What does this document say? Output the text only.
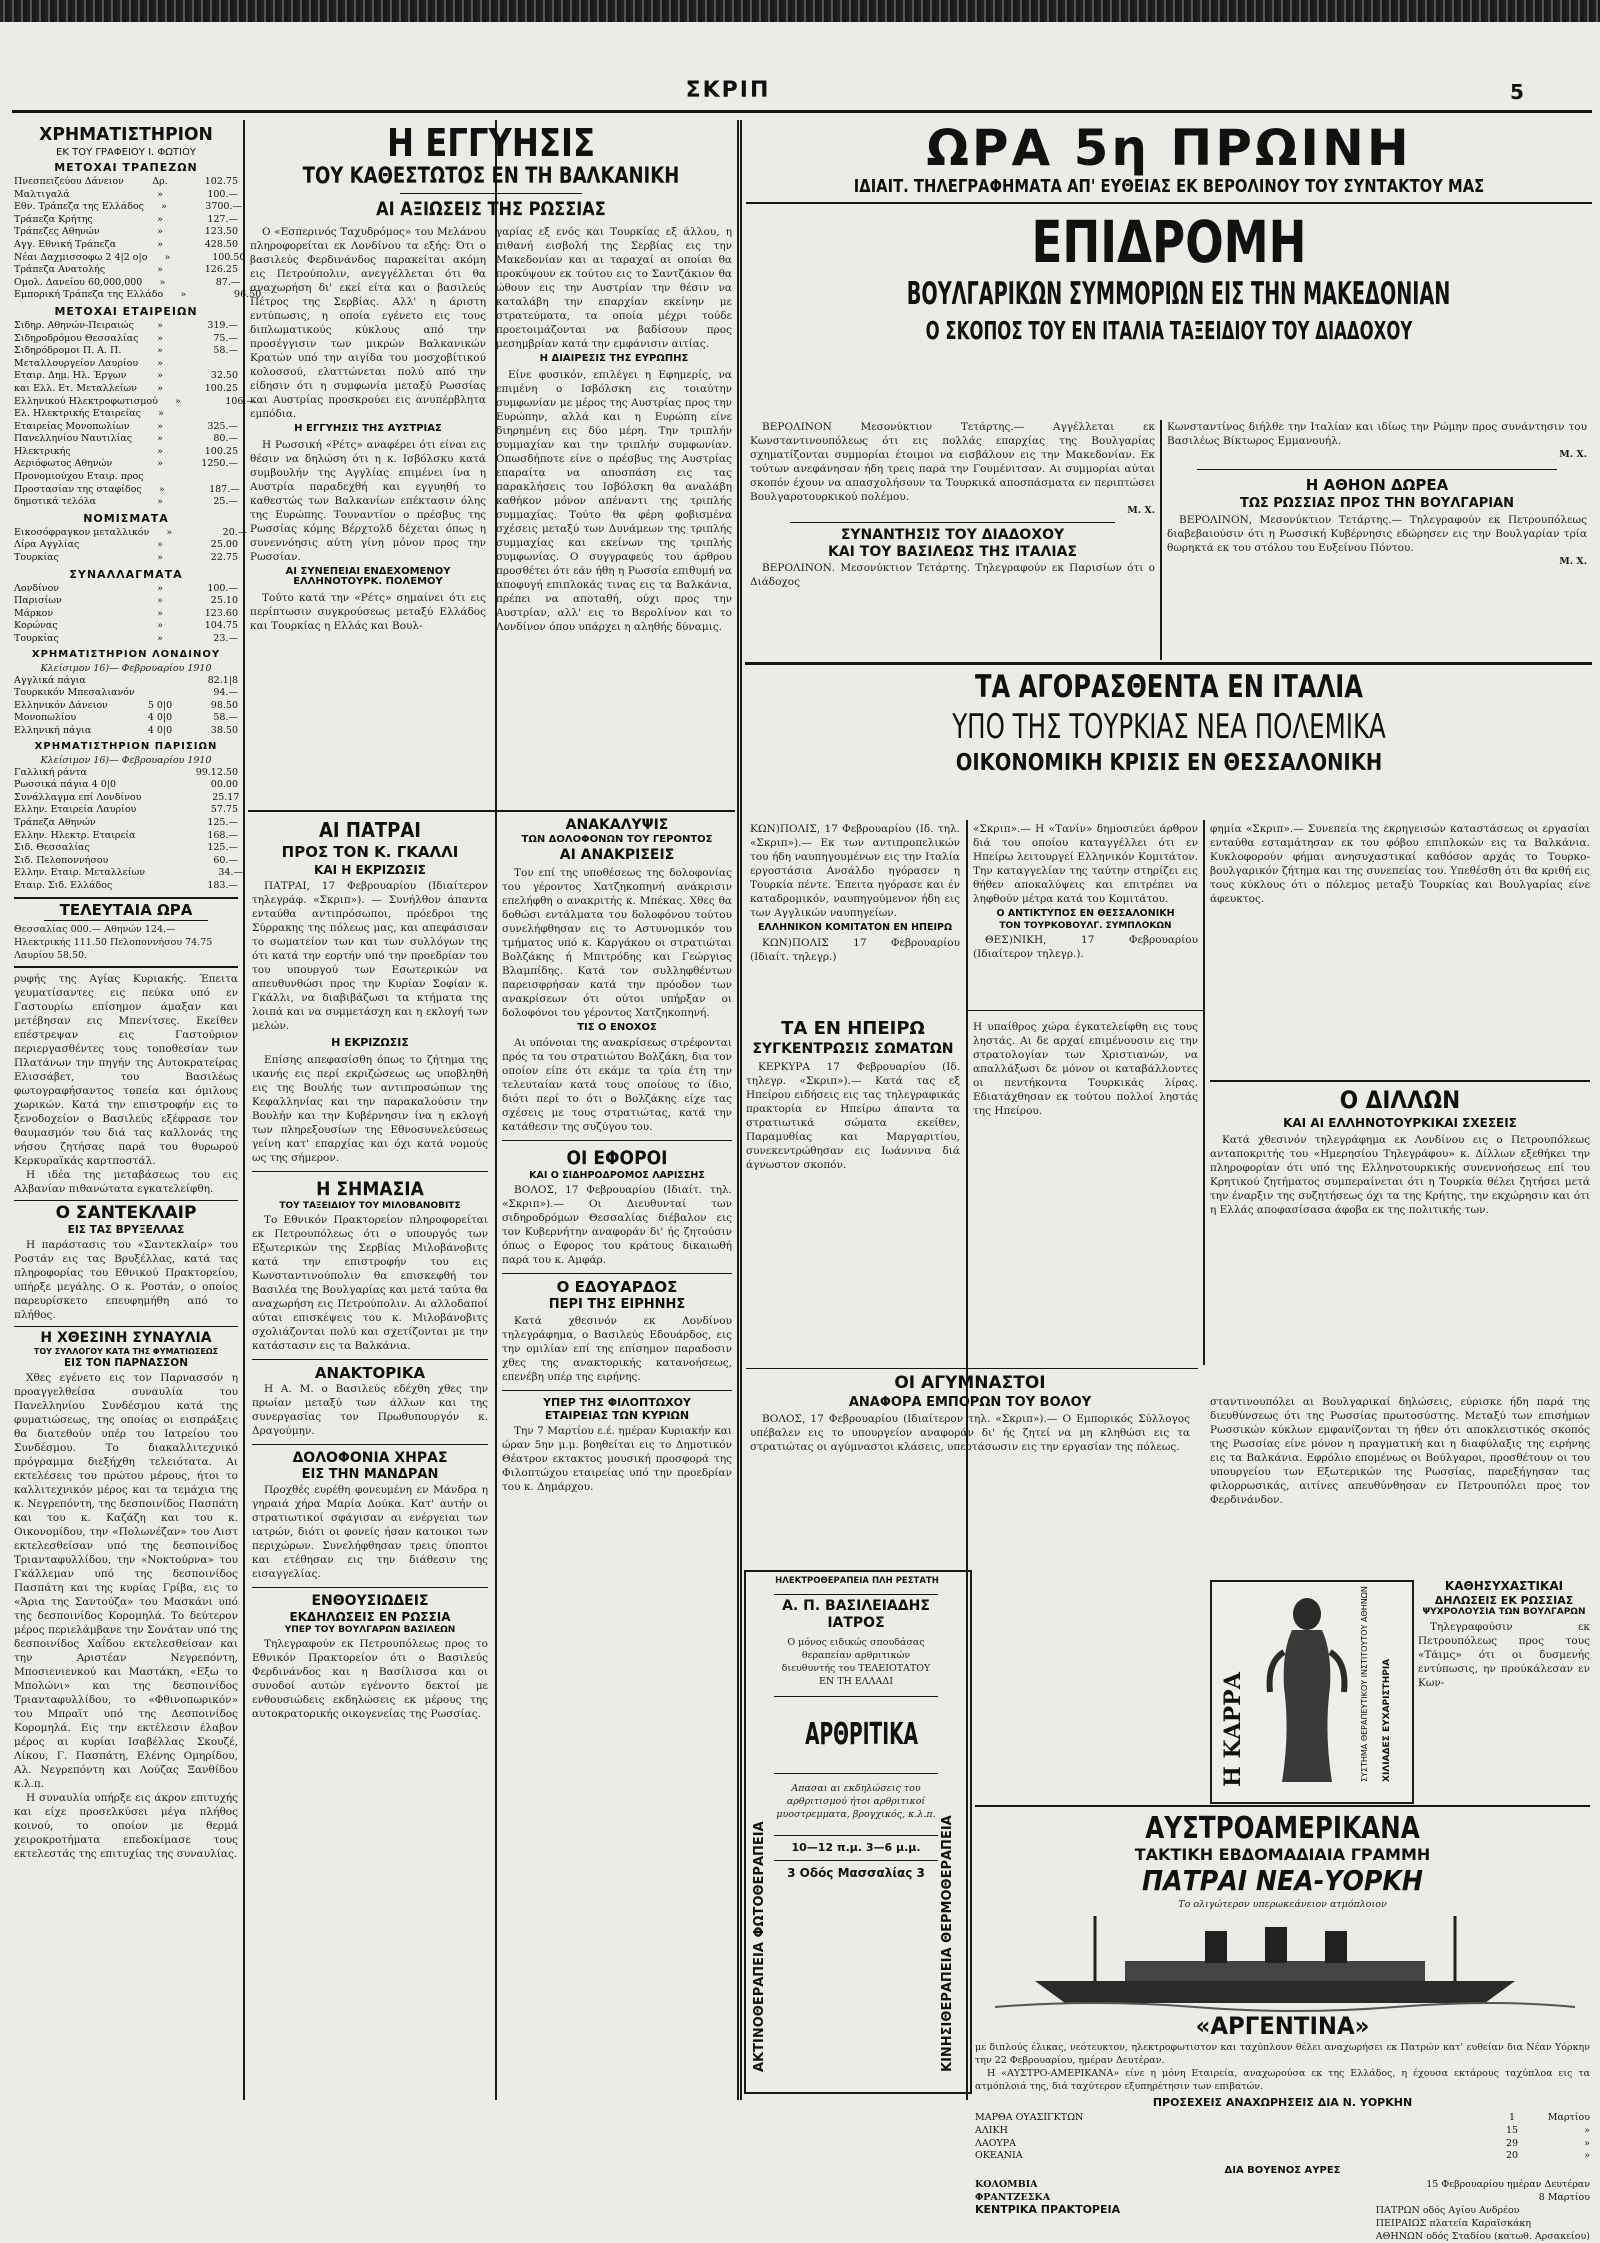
ΣΚΡΙΠ	5
ΧΡΗΜΑΤΙΣΤΗΡΙΟΝ
ΕΚ ΤΟΥ ΓΡΑΦΕΙΟΥ Ι. ΦΩΤΙΟΥ
ΜΕΤΟΧΑΙ ΤΡΑΠΕΖΩΝ
Πνεσπειζεύου Δάνειον	Δρ.	102.75
Μαλτιγαλά	»	100.—
Εθν. Τράπεζα της Ελλάδος	»	3700.—
Τράπεζα Κρήτης	»	127.—
Τράπεζες Αθηνών	»	123.50
Αγγ. Εθνική Τράπεζα	»	428.50
Νέαι Δαχμισσοφω 2 4|2 ο|ο	»	100.50
Τράπεζα Ανατολής	»	126.25
Ομολ. Δανείου 60,000,000	»	87.—
Εμπορική Τράπεζα της Ελλάδο	»	96.50
ΜΕΤΟΧΑΙ ΕΤΑΙΡΕΙΩΝ
Σιδηρ. Αθηνών-Πειραιώς	»	319.—
Σιδηροδρόμου Θεσσαλίας	»	75.—
Σιδηρόδρομοι Π. Α. Π.	»	58.—
Μεταλλουργείον Λαυρίου	»
Εταιρ. Δημ. Ηλ. Έργων	»	32.50
και Ελλ. Ετ. Μεταλλείων	»	100.25
Ελληνικού Ηλεκτροφωτισμού	»	106.—
Ελ. Ηλεκτρικής Εταιρείας	»
Εταιρείας Μονοπωλίων	»	325.—
Πανελληνίου Ναυτιλίας	»	80.—
Ηλεκτρικής	»	100.25
Αεριόφωτος Αθηνών	»	1250.—
Προνομιούχου Εταιρ. προς
Προστασίαν της σταφίδος	»	187.—
δημοτικά τελόλα	»	25.—
ΝΟΜΙΣΜΑΤΑ
Εικοσόφραγκον μεταλλικόν	»	20.—
Λίρα Αγγλίας	»	25.00
Τουρκίας	»	22.75
ΣΥΝΑΛΛΑΓΜΑΤΑ
Λονδίνον	»	100.—
Παρισίων	»	25.10
Μάρκον	»	123.60
Κορώνας	»	104.75
Τουρκίας	»	23.—
ΧΡΗΜΑΤΙΣΤΗΡΙΟΝ ΛΟΝΔΙΝΟΥ
Κλείσιμον 16)— Φεβρουαρίου 1910
Αγγλικά πάγια	82.1|8
Τουρκικόν Μπεσαλιανόν	94.—
Ελληνικόν Δάνειον	5 0|0	98.50
Μονοπωλίου	4 0|0	58.—
Ελληνική πάγια	4 0|0	38.50
ΧΡΗΜΑΤΙΣΤΗΡΙΟΝ ΠΑΡΙΣΙΩΝ
Κλείσιμον 16)— Φεβρουαρίου 1910
Γαλλική ράντα	99.12.50
Ρωσσικά πάγια 4 0|0	00.00
Συνάλλαγμα επί Λονδίνου	25.17
Ελλην. Εταιρεία Λαυρίου	57.75
Τράπεζα Αθηνών	125.—
Ελλην. Ηλεκτρ. Εταιρεία	168.—
Σιδ. Θεσσαλίας	125.—
Σιδ. Πελοποννήσου	60.—
Ελλην. Εταιρ. Μεταλλείων	34.—
Εταιρ. Σιδ. Ελλάδος	183.—
ΤΕΛΕΥΤΑΙΑ ΩΡΑ
Θεσσαλίας 000.— Αθηνών 124.—
Ηλεκτρικής 111.50 Πελοποννήσου 74.75
Λαυρίου 58.50.
ρυφής της Αγίας Κυριακής. Έπειτα γευματίσαντες εις πεύκα υπό εν Γαστουρίω επίσημον άμαξαν και μετέβησαν εις Μπενίτσες. Εκείθεν επέστρεψαν εις Γαστούριον περιεργασθέντες τους τοποθεσίαν των Πλατάνων την πηγήν της Αυτοκρατείρας Ελισσάβετ, του Βασιλέως φωτογραφήσαντος τοπεία και όμιλους χωρικών. Κατά την επιστροφήν εις το ξενοδοχείον ο Βασιλεύς εξέφρασε τον θαυμασμόν του διά τας καλλονάς της νήσου ζητήσας παρά του θυρωρού Κερκυραϊκάς καρτποστάλ.
Η ιδέα της μεταβάσεως του εις Αλβανίαν πιθανώτατα εγκατελείφθη.
Ο ΣΑΝΤΕΚΛΑΙΡ
ΕΙΣ ΤΑΣ ΒΡΥΞΕΛΛΑΣ
Η παράστασις του «Σαντεκλαίρ» του Ροστάν εις τας Βρυξέλλας, κατά τας πληροφορίας του Εθνικού Πρακτορείου, υπήρξε μεγάλης. Ο κ. Ροστάν, ο οποίος παρευρίσκετο επευφημήθη από το πλήθος.
Η ΧΘΕΣΙΝΗ ΣΥΝΑΥΛΙΑ
ΤΟΥ ΣΥΛΛΟΓΟΥ ΚΑΤΑ ΤΗΣ ΦΥΜΑΤΙΩΣΕΩΣ
ΕΙΣ ΤΟΝ ΠΑΡΝΑΣΣΟΝ
Χθες εγένετο εις τον Παρνασσόν η προαγγελθείσα συναυλία του Πανελληνίου Συνδέσμου κατά της φυματιώσεως, της οποίας οι εισπράξεις θα διατεθούν υπέρ του Ιατρείου του Συνδέσμου. Το διακαλλιτεχνικό πρόγραμμα διεξήχθη τελειότατα. Αι εκτελέσεις του πρώτου μέρους, ήτοι το καλλιτεχνικόν μέρος και τα τεμάχια της κ. Νεγρεπόντη, της δεσποινίδος Πασπάτη και του κ. Καζάζη και του κ. Οικονομίδου, την «Πολωνέζαν» του Λιστ εκτελεσθείσαν υπό της δεσποινίδος Τριανταφυλλίδου, την «Νοκτούρνα» του Γκάλλεμαν υπό της δεσποινίδος Πασπάτη και της κυρίας Γρίβα, εις το «Άρια της Σαντούζα» του Μασκάνι υπό της δεσποινίδος Κορομηλά. Το δεύτερον μέρος περιελάμβανε την Σονάταν υπό της δεσποινίδος Χαΐδου εκτελεσθείσαν και την Αριστέαν Νεγρεπόντη, Μποσιενιενκού και Μαστάκη, «Εξω το Μπολώνι» και της δεσποινίδος Τριανταφυλλίδου, το «Φθινοπωρικόν» του Μπραϊτ υπό της Δεσποινίδος Κορομηλά. Εις την εκτέλεσιν έλαβον μέρος αι κυρίαι Ισαβέλλας Σκουζέ, Λίκου, Γ. Πασπάτη, Ελένης Ομηρίδου, Αλ. Νεγρεπόντη και Λούζας Ξανθίδου κ.λ.π.
Η συναυλία υπήρξε εις άκρον επιτυχής και είχε προσελκύσει μέγα πλήθος κοινού, το οποίον με θερμά χειροκροτήματα επεδοκίμασε τους εκτελεστάς της επιτυχίας της συναυλίας.
Η ΕΓΓΥΗΣΙΣ
ΤΟΥ ΚΑΘΕΣΤΩΤΟΣ ΕΝ ΤΗ ΒΑΛΚΑΝΙΚΗ
ΑΙ ΑΞΙΩΣΕΙΣ ΤΗΣ ΡΩΣΣΙΑΣ
Ο «Εσπερινός Ταχυδρόμος» του Μελάνου πληροφορείται εκ Λονδίνου τα εξής: Ότι ο βασιλεύς Φερδινάνδος παρακείται ακόμη εις Πετρούπολιν, ανεγγέλλεται ότι θα αναχωρήση δι' εκεί είτα και ο βασιλεύς Πέτρος της Σερβίας. Αλλ' η άριστη εντύπωσις, η οποία εγένετο εις τους διπλωματικούς κύκλους από την προσέγγισιν των μικρών Βαλκανικών Κρατών υπό την αιγίδα του μοσχοβίτικού κολοσσού, ελαττώνεται πολύ από την είδησιν ότι η συμφωνία μεταξύ Ρωσσίας και Αυστρίας προσκρούει εις ανυπέρβλητα εμπόδια.
Η ΕΓΓΥΗΣΙΣ ΤΗΣ ΑΥΣΤΡΙΑΣ
Η Ρωσσική «Ρέτς» αναφέρει ότι είναι εις θέσιν να δηλώση ότι η κ. Ισβόλσκυ κατά συμβουλήν της Αγγλίας επιμένει ίνα η Αυστρία παραδεχθή και εγγυηθή το καθεστώς των Βαλκανίων επέκτασιν όλης της Ευρώπης. Τουναντίον ο πρέσβυς της Ρωσσίας κόμης Βέρχτολδ δέχεται όπως η συνεννόησις αύτη γίνη μόνον προς την Ρωσσίαν.
ΑΙ ΣΥΝΕΠΕΙΑΙ ΕΝΔΕΧΟΜΕΝΟΥ ΕΛΛΗΝΟΤΟΥΡΚ. ΠΟΛΕΜΟΥ
Τούτο κατά την «Ρέτς» σημαίνει ότι εις περίπτωσιν συγκρούσεως μεταξύ Ελλάδος και Τουρκίας η Ελλάς και Βουλ-
γαρίας εξ ενός και Τουρκίας εξ άλλου, η πιθανή εισβολή της Σερβίας εις την Μακεδονίαν και αι ταραχαί αι οποίαι θα προκύψουν εκ τούτου εις το Σαντζάκιον θα ώθουν εις την Αυστρίαν την θέσιν να καταλάβη την επαρχίαν εκείνην με στρατεύματα, τα οποία μέχρι τούδε προετοιμάζονται να βαδίσουν προς μεσημβρίαν κατά την εμφάνισιν αιτίας.
Η ΔΙΑΙΡΕΣΙΣ ΤΗΣ ΕΥΡΩΠΗΣ
Είνε φυσικόν, επιλέγει η Εφημερίς, να επιμένη ο Ισβόλσκη εις τοιαύτην συμφωνίαν με μέρος της Αυστρίας προς την Ευρώπην, αλλά και η Ευρώπη είνε διηρημένη εις δύο μέρη. Την τριπλήν συμμαχίαν και την τριπλήν συμφωνίαν. Οπωσδήποτε είνε ο πρέσβυς της Αυστρίας επαραίτα να αποσπάση εις τας παρακλήσεις του Ισβόλσκη θα αναλάβη καθήκον μόνον απέναντι της τριπλής συμμαχίας. Τούτο θα φέρη φοβισμένα σχέσεις μεταξύ των Δυνάμεων της τριπλής συμμαχίας και εκείνων της τριπλής συμφωνίας. Ο συγγραφεύς του άρθρου προσθέτει ότι εάν ήθη η Ρωσσία επιθυμή να αποφυγή επιπλοκάς τινας εις τα Βαλκάνια, πρέπει να αποταθή, ούχι προς την Αυστρίαν, αλλ' εις το Βερολίνον και το Λονδίνον όπου υπάρχει η αληθής δύναμις.
ΑΙ ΠΑΤΡΑΙ
ΠΡΟΣ ΤΟΝ Κ. ΓΚΑΛΛΙ
ΚΑΙ Η ΕΚΡΙΖΩΣΙΣ
ΠΑΤΡΑΙ, 17 Φεβρουαρίου (Ιδιαίτερον τηλεγράφ. «Σκριπ»). — Συνήλθον άπαντα ενταύθα αντιπρόσωποι, πρόεδροι της Σύρρακης της πόλεως μας, και απεφάσισαν το σωματείον των και των συλλόγων της ότι κατά την εορτήν υπό την προεδρίαν του του υπουργού των Εσωτερικών να απευθυνθώσι προς την Κυρίαν Σοφίαν κ. Γκάλλι, να διαβιβάζωσι τα κτήματα της λοιπά και να συμμετάσχη και η εκλογή των μελών.
Η ΕΚΡΙΖΩΣΙΣ
Επίσης απεφασίσθη όπως το ζήτημα της ικανής εις περί εκριζώσεως ως υποβληθή εις της Βουλής των αντιπροσώπων της Κεφαλληνίας και την παρακαλούσιν την Βουλήν και την Κυβέρνησιν ίνα η εκλογή των πληρεξουσίων της Εθνοσυνελεύσεως γείνη κατ' επαρχίας και όχι κατά νομούς ως της σήμερον.
Η ΣΗΜΑΣΙΑ
ΤΟΥ ΤΑΞΕΙΔΙΟΥ ΤΟΥ ΜΙΛΟΒΑΝΟΒΙΤΣ
Το Εθνικόν Πρακτορείον πληροφορείται εκ Πετρουπόλεως ότι ο υπουργός των Εξωτερικών της Σερβίας Μιλοβάνοβιτς κατά την επιστροφήν του εις Κωνσταντινούπολιν θα επισκεφθή τον Βασιλέα της Βουλγαρίας και μετά ταύτα θα αναχωρήση εις Πετρούπολιν. Αι αλλοδαποί αύται επισκέψεις του κ. Μιλοβάνοβιτς σχολιάζονται πολύ και σχετίζονται με την κατάστασιν εις τα Βαλκάνια.
ΑΝΑΚΤΟΡΙΚΑ
Η Α. Μ. ο Βασιλεύς εδέχθη χθες την πρωίαν μεταξύ των άλλων και της συνεργασίας τον Πρωθυπουργόν κ. Δραγούμην.
ΔΟΛΟΦΟΝΙΑ ΧΗΡΑΣ
ΕΙΣ ΤΗΝ ΜΑΝΔΡΑΝ
Προχθές ευρέθη φονευμένη εν Μάνδρα η γηραιά χήρα Μαρία Δούκα. Κατ' αυτήν οι στρατιωτικοί σφάγισαν αι ενέργειαι των ιατρών, διότι οι φονείς ήσαν κατοικοι των περιχώρων. Συνελήφθησαν τρεις ύποπτοι και ετέθησαν εις την διάθεσιν της εισαγγελίας.
ΕΝΘΟΥΣΙΩΔΕΙΣ
ΕΚΔΗΛΩΣΕΙΣ ΕΝ ΡΩΣΣΙΑ
ΥΠΕΡ ΤΟΥ ΒΟΥΛΓΑΡΩΝ ΒΑΣΙΛΕΩΝ
Τηλεγραφούν εκ Πετρουπόλεως προς το Εθνικόν Πρακτορείον ότι ο Βασιλεύς Φερδινάνδος και η Βασίλισσα και οι συνοδοί αυτών εγένοντο δεκτοί με ενθουσιώδεις εκδηλώσεις εκ μέρους της αυτοκρατορικής οικογενείας της Ρωσσίας.
ΑΝΑΚΑΛΥΨΙΣ
ΤΩΝ ΔΟΛΟΦΟΝΩΝ ΤΟΥ ΓΕΡΟΝΤΟΣ
ΑΙ ΑΝΑΚΡΙΣΕΙΣ
Τον επί της υποθέσεως της δολοφονίας του γέροντος Χατζηκοπηνή ανάκρισιν επελήφθη ο ανακριτής κ. Μπέκας. Χθες θα δοθώσι εντάλματα του δολοφόνου τούτου συνελήφθησαν εις το Αστυνομικόν του τμήματος υπό κ. Καργάκου οι στρατιώται Βολζάκης ή Μπιτρόδης και Γεώργιος Βλαμπίδης. Κατά τον συλληφθέντων παρεισφρήσαν κατά την πρόοδον των ανακρίσεων ότι ούτοι υπήρξαν οι δολοφόνοι του γέροντος Χατζηκοπηνή.
ΤΙΣ Ο ΕΝΟΧΟΣ
Αι υπόνοιαι της ανακρίσεως στρέφονται πρός τα του στρατιώτου Βολζάκη, δια τον οποίον είπε ότι εκάμε τα τρία έτη την τελευταίαν κατά τους οποίους το ίδιο, διότι περί το ότι ο Βολζάκης είχε τας σχέσεις με τους στρατιώτας, κατά την κατάθεσιν της συζύγου του.
ΟΙ ΕΦΟΡΟΙ
ΚΑΙ Ο ΣΙΔΗΡΟΔΡΟΜΟΣ ΛΑΡΙΣΣΗΣ
ΒΟΛΟΣ, 17 Φεβρουαρίου (Ιδιαίτ. τηλ. «Σκριπ»).— Οι Διευθυνταί των σιδηροδρόμων Θεσσαλίας διέβαλον εις τον Κυβερνήτην αναφοράν δι' ής ζητούσιν όπως ο Εφορος του κράτους δικαιωθή παρά του κ. Αμφάρ.
Ο ΕΔΟΥΑΡΔΟΣ
ΠΕΡΙ ΤΗΣ ΕΙΡΗΝΗΣ
Κατά χθεσινόν εκ Λονδίνου τηλεγράφημα, ο Βασιλεύς Εδουάρδος, εις την ομιλίαν επί της επίσημον παραδοσιν χθες της ανακτορικής κατανοήσεως, επενέβη υπέρ της ειρήνης.
ΥΠΕΡ ΤΗΣ ΦΙΛΟΠΤΩΧΟΥ
ΕΤΑΙΡΕΙΑΣ ΤΩΝ ΚΥΡΙΩΝ
Την 7 Μαρτίου ε.έ. ημέραν Κυριακήν και ώραν 5ην μ.μ. βοηθείται εις το Δημοτικόν Θέατρον εκτακτος μουσική προσφορά της Φιλοπτώχου εταιρείας υπό την προεδρίαν του κ. Δημάρχου.
ΩΡΑ 5η ΠΡΩΙΝΗ
ΙΔΙΑΙΤ. ΤΗΛΕΓΡΑΦΗΜΑΤΑ ΑΠ' ΕΥΘΕΙΑΣ ΕΚ ΒΕΡΟΛΙΝΟΥ ΤΟΥ ΣΥΝΤΑΚΤΟΥ ΜΑΣ
ΕΠΙΔΡΟΜΗ
ΒΟΥΛΓΑΡΙΚΩΝ ΣΥΜΜΟΡΙΩΝ ΕΙΣ ΤΗΝ ΜΑΚΕΔΟΝΙΑΝ
Ο ΣΚΟΠΟΣ ΤΟΥ ΕΝ ΙΤΑΛΙΑ ΤΑΞΕΙΔΙΟΥ ΤΟΥ ΔΙΑΔΟΧΟΥ
ΒΕΡΟΛΙΝΟΝ Μεσονύκτιον Τετάρτης.— Αγγέλλεται εκ Κωνσταντινουπόλεως ότι εις πολλάς επαρχίας της Βουλγαρίας σχηματίζονται συμμορίαι έτοιμοι να εισβάλουν εις την Μακεδονίαν. Εκ τούτων ανεφάνησαν ήδη τρεις παρά την Γουμένιτσαν. Αι συμμορίαι αύται σκοπόν έχουν να απασχολήσουν τα Τουρκικά αποσπάσματα εν περιπτώσει Βουλγαροτουρκικού πολέμου.
Μ. Χ.
ΣΥΝΑΝΤΗΣΙΣ ΤΟΥ ΔΙΑΔΟΧΟΥ
ΚΑΙ ΤΟΥ ΒΑΣΙΛΕΩΣ ΤΗΣ ΙΤΑΛΙΑΣ
ΒΕΡΟΛΙΝΟΝ. Μεσονύκτιον Τετάρτης. Τηλεγραφούν εκ Παρισίων ότι ο Διάδοχος
Κωνσταντίνος διήλθε την Ιταλίαν και ιδίως την Ρώμην προς συνάντησιν του Βασιλέως Βίκτωρος Εμμανουήλ.
Μ. Χ.
Η ΑΘΗΟΝ ΔΩΡΕΑ
ΤΩΣ ΡΩΣΣΙΑΣ ΠΡΟΣ ΤΗΝ ΒΟΥΛΓΑΡΙΑΝ
ΒΕΡΟΛΙΝΟΝ, Μεσονύκτιον Τετάρτης.— Τηλεγραφούν εκ Πετρουπόλεως διαβεβαιούσιν ότι η Ρωσσική Κυβέρνησις εδώρησεν εις την Βουλγαρίαν τρία θωρηκτά εκ του στόλου του Ευξείνου Πόντου.
Μ. Χ.
ΤΑ ΑΓΟΡΑΣΘΕΝΤΑ ΕΝ ΙΤΑΛΙΑ
ΥΠΟ ΤΗΣ ΤΟΥΡΚΙΑΣ ΝΕΑ ΠΟΛΕΜΙΚΑ
ΟΙΚΟΝΟΜΙΚΗ ΚΡΙΣΙΣ ΕΝ ΘΕΣΣΑΛΟΝΙΚΗ
ΚΩΝ)ΠΟΛΙΣ, 17 Φεβρουαρίου (Ιδ. τηλ. «Σκριπ»).— Εκ των αντιπροπελικών του ήδη ναυπηγουμένων εις την Ιταλία εργοστάσια Ανσάλδο ηγόρασεν η Τουρκία πέντε. Έπειτα ηγόρασε και έν καταδρομικόν, ναυπηγούμενον ήδη εις των Αγγλικών ναυπηγείων.
ΕΛΛΗΝΙΚΟΝ ΚΟΜΙΤΑΤΟΝ ΕΝ ΗΠΕΙΡΩ
ΚΩΝ)ΠΟΛΙΣ 17 Φεβρουαρίου (Ιδιαίτ. τηλεγρ.)
«Σκριπ».— Η «Τανίν» δημοσιεύει άρθρον διά του οποίου καταγγέλλει ότι εν Ηπείρω λειτουργεί Ελληνικόν Κομιτάτον. Την καταγγελίαν της ταύτην στηρίζει εις θήθεν αποκαλύψεις και επιτρέπει να ληφθούν μέτρα κατά του Κομιτάτου.
Ο ΑΝΤΙΚΤΥΠΟΣ ΕΝ ΘΕΣΣΑΛΟΝΙΚΗ
ΤΟΝ ΤΟΥΡΚΟΒΟΥΛΓ. ΣΥΜΠΛΟΚΩΝ
ΘΕΣ)ΝΙΚΗ, 17 Φεβρουαρίου (Ιδιαίτερον τηλεγρ.).
φημία «Σκριπ».— Συνεπεία της εκρηγεισών καταστάσεως οι εργασίαι ενταύθα εσταμάτησαν εκ του φόβου επιπλοκών εις τα Βαλκάνια. Κυκλοφορούν φήμαι ανησυχαστικαί καθόσον αρχάς το Τουρκο-βουλγαρικόν ζήτημα και της συνεπείας του. Υπεθέσθη ότι θα κριθή εις τους κύκλους ότι ο πόλεμος μεταξύ Τουρκίας και Βουλγαρίας είνε άφευκτος.
ΤΑ ΕΝ ΗΠΕΙΡΩ
ΣΥΓΚΕΝΤΡΩΣΙΣ ΣΩΜΑΤΩΝ
ΚΕΡΚΥΡΑ 17 Φεβρουαρίου (Ιδ. τηλεγρ. «Σκριπ»).— Κατά τας εξ Ηπείρου ειδήσεις εις τας τηλεγραφικάς πρακτορία εν Ηπείρω άπαντα τα στρατιωτικά σώματα εκείθεν, Παραμυθίας και Μαργαριτίου, συνεκεντρώθησαν εις Ιωάννινα διά άγνωστον σκοπόν.
Η υπαίθρος χώρα έγκατελείφθη εις τους ληστάς. Αι δε αρχαί επιμένουσιν εις την στρατολογίαν των Χριστιανών, να απαλλάξωσι δε μόνον οι καταβάλλοντες οι πεντήκοντα Τουρκικάς λίρας. Εδιατάχθησαν εκ τούτου πολλοί ληστάς της Ηπείρου.
ΟΙ ΑΓΥΜΝΑΣΤΟΙ
ΑΝΑΦΟΡΑ ΕΜΠΟΡΩΝ ΤΟΥ ΒΟΛΟΥ
ΒΟΛΟΣ, 17 Φεβρουαρίου (Ιδιαίτερον τηλ. «Σκριπ»).— Ο Εμπορικός Σύλλογος υπέβαλεν εις το υπουργείον αναφοράν δι' ής ζητεί να μη κληθώσι εις τα στρατιώτας οι αγύμναστοι κλάσεις, υπερτάσωσιν εις την εργασίαν της πόλεως.
Ο ΔΙΛΛΩΝ
ΚΑΙ ΑΙ ΕΛΛΗΝΟΤΟΥΡΚΙΚΑΙ ΣΧΕΣΕΙΣ
Κατά χθεσινόν τηλεγράφημα εκ Λονδίνου εις ο Πετρουπόλεως ανταποκριτής του «Ημερησίου Τηλεγράφου» κ. Δίλλων εξεθήκει την πληροφορίαν ότι υπό της Ελληνοτουρκικής συνεννοήσεως επί του Κρητικού ζητήματος συμπεραίνεται ότι η Τουρκία θέλει ζητήσει μετά την έναρξιν της συζητήσεως όχι τα της Κρήτης, την εκχώρησιν και ότι η Ελλάς αποφασίσασα άφοβα εκ της πολιτικής των.
σταντινουπόλει αι Βουλγαρικαί δηλώσεις, εύρισκε ήδη παρά της διευθύνσεως ότι της Ρωσσίας πρωτοσύστης. Μεταξύ των επισήμων Ρωσσικών κύκλων εμφανίζονται τη ήθεν ότι αποκλειστικός σκοπός της Ρωσσίας είνε μόνον η πραγματική και η διαφύλαξις της ειρήνης εις τα Βαλκάνια. Εφρόλιο επομένως οι Βούλγαροι, προσθέτουν οι του υπουργείου των Εξωτερικών της Ρωσσίας, παρεξήγησαν τας φιλορρωσικάς, αιτίνες απευθύνθησαν εν Πετρουπόλει προς τον Φερδινάνδον.
Η ΚΑΡΡΑ	ΣΥΣΤΗΜΑ ΘΕΡΑΠΕΥΤΙΚΟΥ ΙΝΣΤΙΤΟΥΤΟΥ ΑΘΗΝΩΝ ΧΙΛΙΑΔΕΣ ΕΥΧΑΡΙΣΤΗΡΙΑ
ΚΑΘΗΣΥΧΑΣΤΙΚΑΙ
ΔΗΛΩΣΕΙΣ ΕΚ ΡΩΣΣΙΑΣ
ΨΥΧΡΟΛΟΥΣΙΑ ΤΩΝ ΒΟΥΛΓΑΡΩΝ
Τηλεγραφούσιν εκ Πετρουπόλεως προς τους «Τάιμς» ότι οι δυσμενής εντύπωσις, ην προύκάλεσαν εν Κων-
ΗΛΕΚΤΡΟΘΕΡΑΠΕΙΑ ΠΛΗ ΡΕΣΤΑΤΗ
ΑΚΤΙΝΟΘΕΡΑΠΕΙΑ ΦΩΤΟΘΕΡΑΠΕΙΑ	ΚΙΝΗΣΙΘΕΡΑΠΕΙΑ ΘΕΡΜΟΘΕΡΑΠΕΙΑ
Α. Π. ΒΑΣΙΛΕΙΑΔΗΣ
ΙΑΤΡΟΣ
Ο μόνος ειδικώς σπουδάσας θεραπείαν αρθριτικών διευθυντής του ΤΕΛΕΙΟΤΑΤΟΥ ΕΝ ΤΗ ΕΛΛΑΔΙ
ΑΡΘΡΙΤΙΚΑ
Απασαι αι εκδηλώσεις του αρθριτισμού ήτοι αρθριτικοί μυοστρεμματα, βρογχικός, κ.λ.π.
10—12 π.μ. 3—6 μ.μ.
3 Οδός Μασσαλίας 3
ΑΥΣΤΡΟΑΜΕΡΙΚΑΝΑ
ΤΑΚΤΙΚΗ ΕΒΔΟΜΑΔΙΑΙΑ ΓΡΑΜΜΗ
ΠΑΤΡΑΙ ΝΕΑ-ΥΟΡΚΗ
Το ολιγώτερον υπερωκεάνειον ατμόπλοιον
«ΑΡΓΕΝΤΙΝΑ»
με διπλούς έλικας, νεότευκτον, ηλεκτροφωτιστον και ταχύπλουν θέλει αναχωρήσει εκ Πατρών κατ' ευθείαν δια Νέαν Υόρκην την 22 Φεβρουαρίου, ημέραν Δευτέραν.
Η «ΑΥΣΤΡΟ-ΑΜΕΡΙΚΑΝΑ» είνε η μόνη Εταιρεία, αναχωρούσα εκ της Ελλάδος, η έχουσα εκτάρους ταχύπλοα εις τα ατμόπλοιά της, διά ταχύτερον εξυπηρέτησιν των επιβατών.
ΠΡΟΣΕΧΕΙΣ ΑΝΑΧΩΡΗΣΕΙΣ ΔΙΑ Ν. ΥΟΡΚΗΝ
ΜΑΡΘΑ ΟΥΑΣΙΓΚΤΩΝ	1	Μαρτίου
ΑΛΙΚΗ	15	»
ΛΑΟΥΡΑ	29	»
ΟΚΕΑΝΙΑ	20	»
ΔΙΑ ΒΟΥΕΝΟΣ ΑΥΡΕΣ
ΚΟΛΟΜΒΙΑ	15 Φεβρουαρίου ημέραν Δευτέραν
ΦΡΑΝΤΖΕΣΚΑ	8 Μαρτίου
ΚΕΝΤΡΙΚΑ ΠΡΑΚΤΟΡΕΙΑ	ΠΑΤΡΩΝ οδός Αγίου Ανδρέου
ΠΕΙΡΑΙΩΣ πλατεία Καραϊσκάκη
ΑΘΗΝΩΝ οδός Σταδίου (κατωθ. Αρσακείου)
